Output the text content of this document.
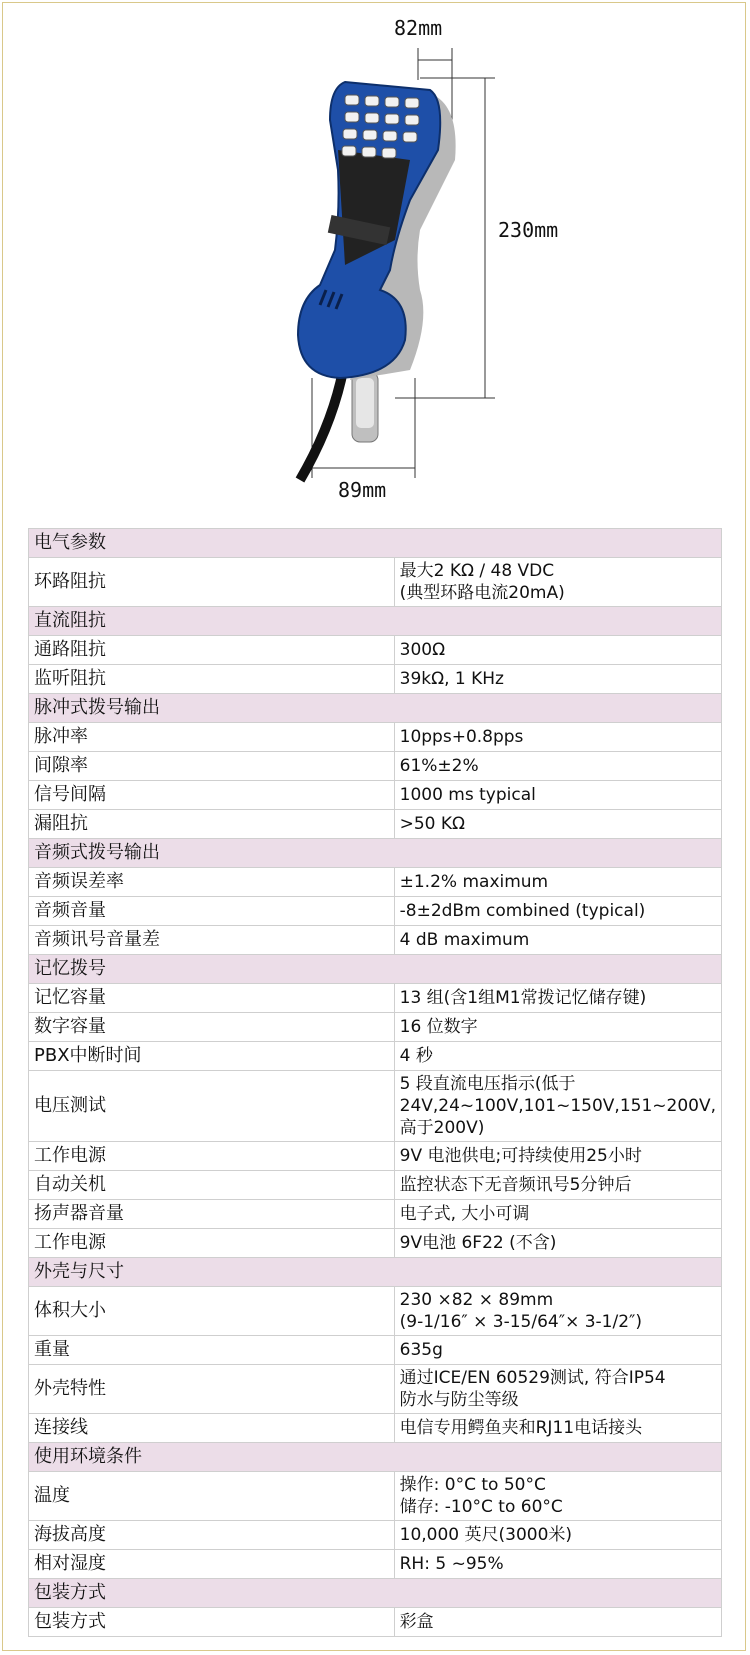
82mm
230mm
89mm
电气参数	
环路阻抗	最大2 KΩ / 48 VDC
(典型环路电流20mA)
直流阻抗	
通路阻抗	300Ω
监听阻抗	39kΩ, 1 KHz
脉冲式拨号输出	
脉冲率	10pps+0.8pps
间隙率	61%±2%
信号间隔	1000 ms typical
漏阻抗	>50 KΩ
音频式拨号输出	
音频误差率	±1.2% maximum
音频音量	-8±2dBm combined (typical)
音频讯号音量差	4 dB maximum
记忆拨号	
记忆容量	13 组(含1组M1常拨记忆储存键)
数字容量	16 位数字
PBX中断时间	4 秒
电压测试	5 段直流电压指示(低于
24V,24~100V,101~150V,151~200V,
高于200V)
工作电源	9V 电池供电;可持续使用25小时
自动关机	监控状态下无音频讯号5分钟后
扬声器音量	电子式, 大小可调
工作电源	9V电池 6F22 (不含)
外壳与尺寸	
体积大小	230 ×82 × 89mm
(9-1/16″ × 3-15/64″× 3-1/2″)
重量	635g
外壳特性	通过ICE/EN 60529测试, 符合IP54
防水与防尘等级
连接线	电信专用鳄鱼夹和RJ11电话接头
使用环境条件	
温度	操作: 0°C to 50°C
储存: -10°C to 60°C
海拔高度	10,000 英尺(3000米)
相对湿度	RH: 5 ~95%
包装方式	
包装方式	彩盒
